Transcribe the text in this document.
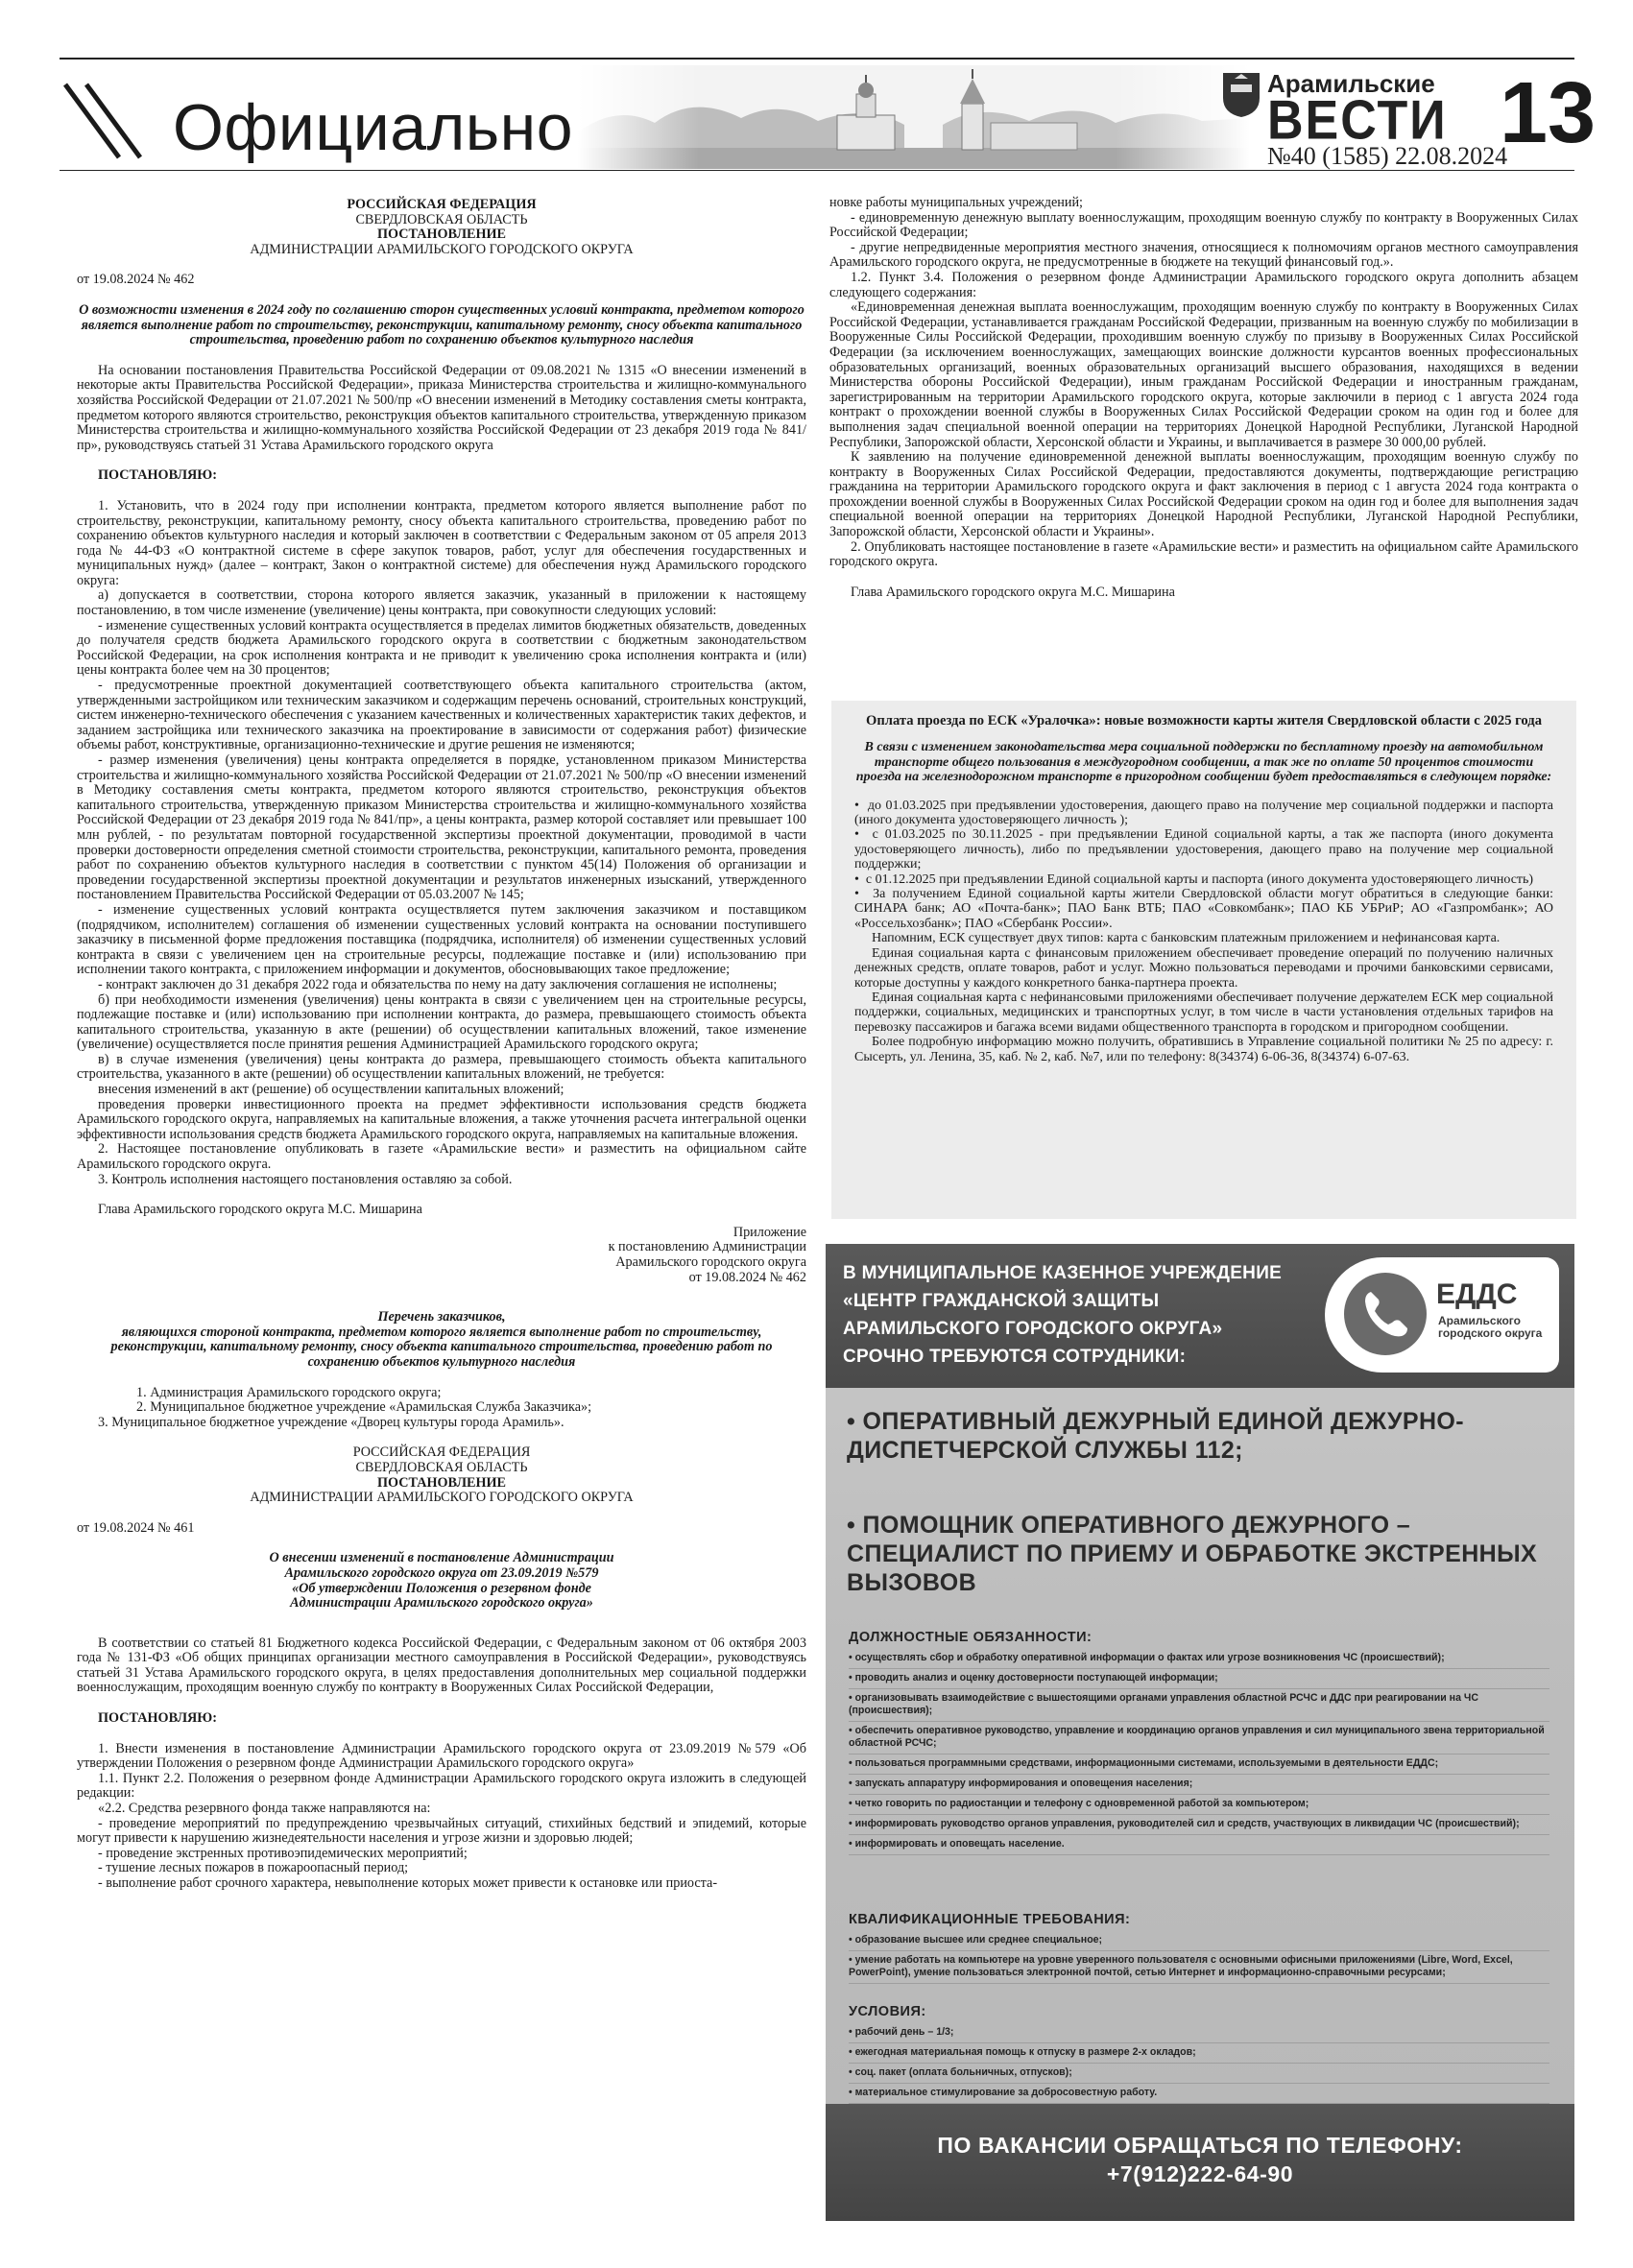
Официально
Арамильские
ВЕСТИ
№40 (1585) 22.08.2024
13

РОССИЙСКАЯ ФЕДЕРАЦИЯ

СВЕРДЛОВСКАЯ ОБЛАСТЬ

ПОСТАНОВЛЕНИЕ

АДМИНИСТРАЦИИ АРАМИЛЬСКОГО ГОРОДСКОГО ОКРУГА

от 19.08.2024 № 462

О возможности изменения в 2024 году по соглашению сторон существенных условий контракта, предметом которого является выполнение работ по строительству, реконструкции, капитальному ремонту, сносу объекта капитального строительства, проведению работ по сохранению объектов культурного наследия

На основании постановления Правительства Российской Федерации от 09.08.2021 № 1315 «О внесении изменений в некоторые акты Правительства Российской Федерации», приказа Министерства строительства и жилищно-коммунального хозяйства Российской Федерации от 21.07.2021 № 500/пр «О внесении изменений в Методику составления сметы контракта, предметом которого являются строительство, реконструкция объектов капитального строительства, утвержденную приказом Министерства строительства и жилищно-коммунального хозяйства Российской Федерации от 23 декабря 2019 года № 841/пр», руководствуясь статьей 31 Устава Арамильского городского округа

ПОСТАНОВЛЯЮ:

1. Установить, что в 2024 году при исполнении контракта, предметом которого является выполнение работ по строительству, реконструкции, капитальному ремонту, сносу объекта капитального строительства, проведению работ по сохранению объектов культурного наследия и который заключен в соответствии с Федеральным законом от 05 апреля 2013 года № 44-ФЗ «О контрактной системе в сфере закупок товаров, работ, услуг для обеспечения государственных и муниципальных нужд» (далее – контракт, Закон о контрактной системе) для обеспечения нужд Арамильского городского округа:

а) допускается в соответствии, сторона которого является заказчик, указанный в приложении к настоящему постановлению, в том числе изменение (увеличение) цены контракта, при совокупности следующих условий:

- изменение существенных условий контракта осуществляется в пределах лимитов бюджетных обязательств, доведенных до получателя средств бюджета Арамильского городского округа в соответствии с бюджетным законодательством Российской Федерации, на срок исполнения контракта и не приводит к увеличению срока исполнения контракта и (или) цены контракта более чем на 30 процентов;

- предусмотренные проектной документацией соответствующего объекта капитального строительства (актом, утвержденными застройщиком или техническим заказчиком и содержащим перечень оснований, строительных конструкций, систем инженерно-технического обеспечения с указанием качественных и количественных характеристик таких дефектов, и заданием застройщика или технического заказчика на проектирование в зависимости от содержания работ) физические объемы работ, конструктивные, организационно-технические и другие решения не изменяются;

- размер изменения (увеличения) цены контракта определяется в порядке, установленном приказом Министерства строительства и жилищно-коммунального хозяйства Российской Федерации от 21.07.2021 № 500/пр «О внесении изменений в Методику составления сметы контракта, предметом которого являются строительство, реконструкция объектов капитального строительства, утвержденную приказом Министерства строительства и жилищно-коммунального хозяйства Российской Федерации от 23 декабря 2019 года № 841/пр», а цены контракта, размер которой составляет или превышает 100 млн рублей, - по результатам повторной государственной экспертизы проектной документации, проводимой в части проверки достоверности определения сметной стоимости строительства, реконструкции, капитального ремонта, проведения работ по сохранению объектов культурного наследия в соответствии с пунктом 45(14) Положения об организации и проведении государственной экспертизы проектной документации и результатов инженерных изысканий, утвержденного постановлением Правительства Российской Федерации от 05.03.2007 № 145;

- изменение существенных условий контракта осуществляется путем заключения заказчиком и поставщиком (подрядчиком, исполнителем) соглашения об изменении существенных условий контракта на основании поступившего заказчику в письменной форме предложения поставщика (подрядчика, исполнителя) об изменении существенных условий контракта в связи с увеличением цен на строительные ресурсы, подлежащие поставке и (или) использованию при исполнении такого контракта, с приложением информации и документов, обосновывающих такое предложение;

- контракт заключен до 31 декабря 2022 года и обязательства по нему на дату заключения соглашения не исполнены;

б) при необходимости изменения (увеличения) цены контракта в связи с увеличением цен на строительные ресурсы, подлежащие поставке и (или) использованию при исполнении контракта, до размера, превышающего стоимость объекта капитального строительства, указанную в акте (решении) об осуществлении капитальных вложений, такое изменение (увеличение) осуществляется после принятия решения Администрацией Арамильского городского округа;

в) в случае изменения (увеличения) цены контракта до размера, превышающего стоимость объекта капитального строительства, указанного в акте (решении) об осуществлении капитальных вложений, не требуется:

внесения изменений в акт (решение) об осуществлении капитальных вложений;

проведения проверки инвестиционного проекта на предмет эффективности использования средств бюджета Арамильского городского округа, направляемых на капитальные вложения, а также уточнения расчета интегральной оценки эффективности использования средств бюджета Арамильского городского округа, направляемых на капитальные вложения.

2. Настоящее постановление опубликовать в газете «Арамильские вести» и разместить на официальном сайте Арамильского городского округа.

3. Контроль исполнения настоящего постановления оставляю за собой.

Глава Арамильского городского округа М.С. Мишарина

Приложение

к постановлению Администрации

Арамильского городского округа

от 19.08.2024 № 462

Перечень заказчиков,

являющихся стороной контракта, предметом которого является выполнение работ по строительству, реконструкции, капитальному ремонту, сносу объекта капитального строительства, проведению работ по сохранению объектов культурного наследия

1. Администрация Арамильского городского округа;

2. Муниципальное бюджетное учреждение «Арамильская Служба Заказчика»;

3. Муниципальное бюджетное учреждение «Дворец культуры города Арамиль».

РОССИЙСКАЯ ФЕДЕРАЦИЯ

СВЕРДЛОВСКАЯ ОБЛАСТЬ

ПОСТАНОВЛЕНИЕ

АДМИНИСТРАЦИИ АРАМИЛЬСКОГО ГОРОДСКОГО ОКРУГА

от 19.08.2024 № 461

О внесении изменений в постановление Администрации

Арамильского городского округа от 23.09.2019 №579

«Об утверждении Положения о резервном фонде

Администрации Арамильского городского округа»

В соответствии со статьей 81 Бюджетного кодекса Российской Федерации, с Федеральным законом от 06 октября 2003 года № 131-ФЗ «Об общих принципах организации местного самоуправления в Российской Федерации», руководствуясь статьей 31 Устава Арамильского городского округа, в целях предоставления дополнительных мер социальной поддержки военнослужащим, проходящим военную службу по контракту в Вооруженных Силах Российской Федерации,

ПОСТАНОВЛЯЮ:

1. Внести изменения в постановление Администрации Арамильского городского округа от 23.09.2019 №579 «Об утверждении Положения о резервном фонде Администрации Арамильского городского округа»

1.1. Пункт 2.2. Положения о резервном фонде Администрации Арамильского городского округа изложить в следующей редакции:

«2.2. Средства резервного фонда также направляются на:

- проведение мероприятий по предупреждению чрезвычайных ситуаций, стихийных бедствий и эпидемий, которые могут привести к нарушению жизнедеятельности населения и угрозе жизни и здоровью людей;

- проведение экстренных противоэпидемических мероприятий;

- тушение лесных пожаров в пожароопасный период;

- выполнение работ срочного характера, невыполнение которых может привести к остановке или приоста-

новке работы муниципальных учреждений;

- единовременную денежную выплату военнослужащим, проходящим военную службу по контракту в Вооруженных Силах Российской Федерации;

- другие непредвиденные мероприятия местного значения, относящиеся к полномочиям органов местного самоуправления Арамильского городского округа, не предусмотренные в бюджете на текущий финансовый год.».

1.2. Пункт 3.4. Положения о резервном фонде Администрации Арамильского городского округа дополнить абзацем следующего содержания:

«Единовременная денежная выплата военнослужащим, проходящим военную службу по контракту в Вооруженных Силах Российской Федерации, устанавливается гражданам Российской Федерации, призванным на военную службу по мобилизации в Вооруженные Силы Российской Федерации, проходившим военную службу по призыву в Вооруженных Силах Российской Федерации (за исключением военнослужащих, замещающих воинские должности курсантов военных профессиональных образовательных организаций, военных образовательных организаций высшего образования, находящихся в ведении Министерства обороны Российской Федерации), иным гражданам Российской Федерации и иностранным гражданам, зарегистрированным на территории Арамильского городского округа, которые заключили в период с 1 августа 2024 года контракт о прохождении военной службы в Вооруженных Силах Российской Федерации сроком на один год и более для выполнения задач специальной военной операции на территориях Донецкой Народной Республики, Луганской Народной Республики, Запорожской области, Херсонской области и Украины, и выплачивается в размере 30 000,00 рублей.

К заявлению на получение единовременной денежной выплаты военнослужащим, проходящим военную службу по контракту в Вооруженных Силах Российской Федерации, предоставляются документы, подтверждающие регистрацию гражданина на территории Арамильского городского округа и факт заключения в период с 1 августа 2024 года контракта о прохождении военной службы в Вооруженных Силах Российской Федерации сроком на один год и более для выполнения задач специальной военной операции на территориях Донецкой Народной Республики, Луганской Народной Республики, Запорожской области, Херсонской области и Украины».

2. Опубликовать настоящее постановление в газете «Арамильские вести» и разместить на официальном сайте Арамильского городского округа.

Глава Арамильского городского округа М.С. Мишарина

Оплата проезда по ЕСК «Уралочка»: новые возможности карты жителя Свердловской области с 2025 года

В связи с изменением законодательства мера социальной поддержки по бесплатному проезду на автомобильном транспорте общего пользования в междугородном сообщении, а так же по оплате 50 процентов стоимости проезда на железнодорожном транспорте в пригородном сообщении будет предоставляться в следующем порядке:

•  до 01.03.2025 при предъявлении удостоверения, дающего право на получение мер социальной поддержки и паспорта (иного документа удостоверяющего личность );

•  с 01.03.2025 по 30.11.2025 - при предъявлении Единой социальной карты, а так же паспорта (иного документа удостоверяющего личность), либо по предъявлении удостоверения, дающего право на получение мер социальной поддержки;

•  с 01.12.2025 при предъявлении Единой социальной карты и паспорта (иного документа удостоверяющего личность)

•  За получением Единой социальной карты жители Свердловской области могут обратиться в следующие банки: СИНАРА банк; АО «Почта-банк»; ПАО Банк ВТБ; ПАО «Совкомбанк»; ПАО КБ УБРиР; АО «Газпромбанк»; АО «Россельхозбанк»; ПАО «Сбербанк России».

Напомним, ЕСК существует двух типов: карта с банковским платежным приложением и нефинансовая карта.

Единая социальная карта с финансовым приложением обеспечивает проведение операций по получению наличных денежных средств, оплате товаров, работ и услуг. Можно пользоваться переводами и прочими банковскими сервисами, которые доступны у каждого конкретного банка-партнера проекта.

Единая социальная карта с нефинансовыми приложениями обеспечивает получение держателем ЕСК мер социальной поддержки, социальных, медицинских и транспортных услуг, в том числе в части установления отдельных тарифов на перевозку пассажиров и багажа всеми видами общественного транспорта в городском и пригородном сообщении.

Более подробную информацию можно получить, обратившись в Управление социальной политики № 25 по адресу: г. Сысерть, ул. Ленина, 35, каб. № 2, каб. №7, или по телефону: 8(34374) 6-06-36, 8(34374) 6-07-63.

В МУНИЦИПАЛЬНОЕ КАЗЕННОЕ УЧРЕЖДЕНИЕ
«ЦЕНТР ГРАЖДАНСКОЙ ЗАЩИТЫ
АРАМИЛЬСКОГО ГОРОДСКОГО ОКРУГА»
СРОЧНО ТРЕБУЮТСЯ СОТРУДНИКИ:
ЕДДС
Арамильского городского округа
• ОПЕРАТИВНЫЙ ДЕЖУРНЫЙ ЕДИНОЙ ДЕЖУРНО-ДИСПЕТЧЕРСКОЙ СЛУЖБЫ 112;
• ПОМОЩНИК ОПЕРАТИВНОГО ДЕЖУРНОГО – СПЕЦИАЛИСТ ПО ПРИЕМУ И ОБРАБОТКЕ ЭКСТРЕННЫХ ВЫЗОВОВ
ДОЛЖНОСТНЫЕ ОБЯЗАННОСТИ:
• осуществлять сбор и обработку оперативной информации о фактах или угрозе возникновения ЧС (происшествий);
• проводить анализ и оценку достоверности поступающей информации;
• организовывать взаимодействие с вышестоящими органами управления областной РСЧС и ДДС при реагировании на ЧС (происшествия);
• обеспечить оперативное руководство, управление и координацию органов управления и сил муниципального звена территориальной областной РСЧС;
• пользоваться программными средствами, информационными системами, используемыми в деятельности ЕДДС;
• запускать аппаратуру информирования и оповещения населения;
• четко говорить по радиостанции и телефону с одновременной работой за компьютером;
• информировать руководство органов управления, руководителей сил и средств, участвующих в ликвидации ЧС (происшествий);
• информировать и оповещать население.
КВАЛИФИКАЦИОННЫЕ ТРЕБОВАНИЯ:
• образование высшее или среднее специальное;
• умение работать на компьютере на уровне уверенного пользователя с основными офисными приложениями (Libre, Word, Excel, PowerPoint), умение пользоваться электронной почтой, сетью Интернет и информационно-справочными ресурсами;
УСЛОВИЯ:
• рабочий день – 1/3;
• ежегодная материальная помощь к отпуску в размере 2-х окладов;
• соц. пакет (оплата больничных, отпусков);
• материальное стимулирование за добросовестную работу.
ПО ВАКАНСИИ ОБРАЩАТЬСЯ ПО ТЕЛЕФОНУ:
+7(912)222-64-90
